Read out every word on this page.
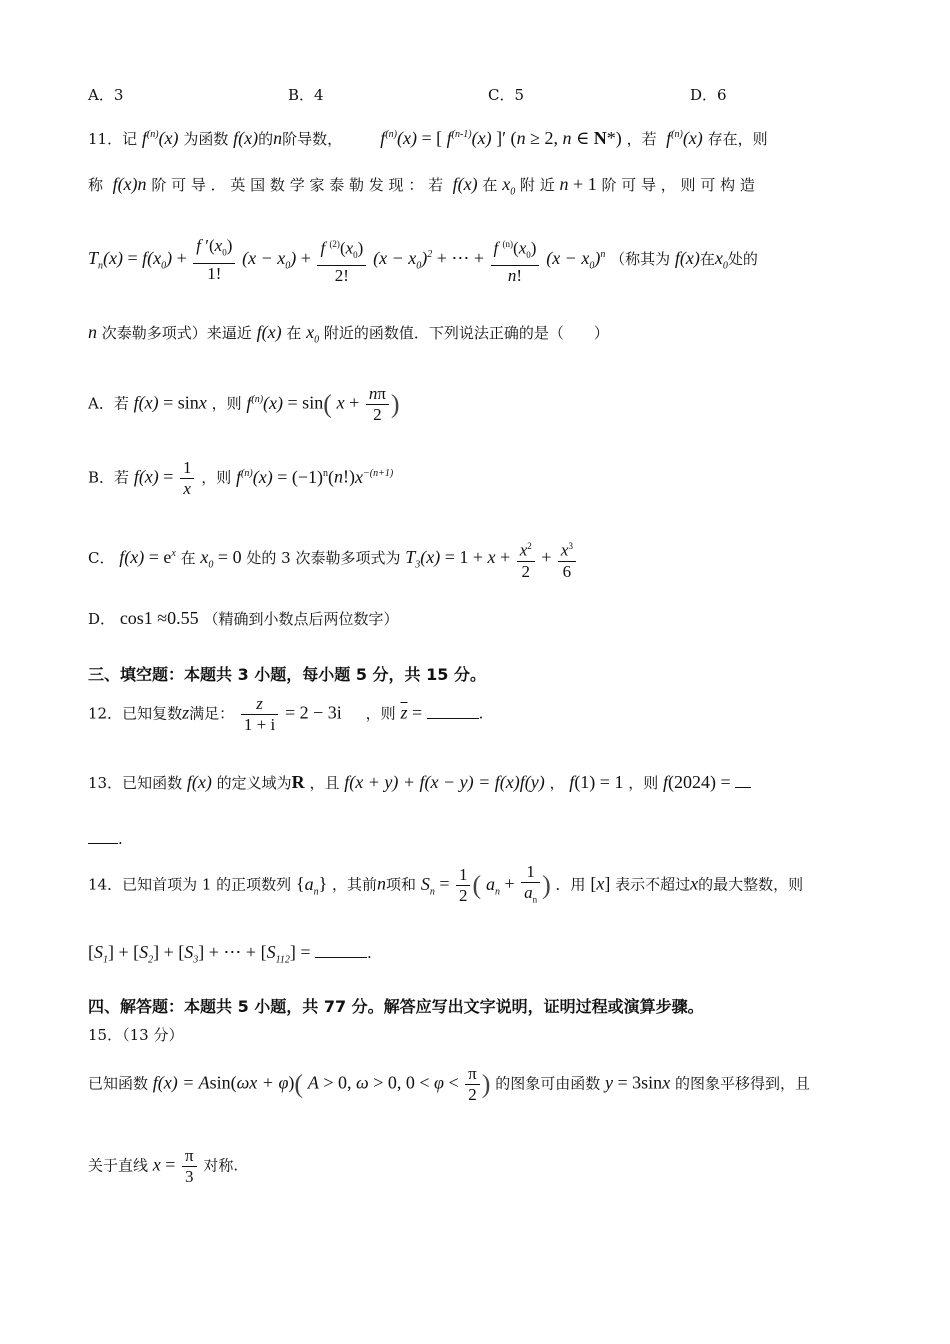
A．3	B．4	C．5	D．6
11．记 $f^{(n)}(x)$ 为函数 f(x)的n阶导数， $f^{(n)}(x)$ = [ $f^{(n-1)}(x)$ ]′ (n ≥ 2, n ∈ N*) ，若 $f^{(n)}(x)$ 存在，则
称 f(x)n 阶 可 导 ． 英 国 数 学 家 泰 勒 发 现 ： 若 f(x) 在 $x_0$ 附 近 n + 1 阶 可 导 ， 则 可 构 造
$T_n(x) = f(x_0) + \frac{f '(x_0)}{1!} (x - x_0) + \frac{f ^{(2)}(x_0)}{2!} (x - x_0)^2$ + ⋯ + $\frac{f ^{(n)}(x_0)}{n!} (x - x_0)^n$ （称其为 f(x)在$x_0$处的
n 次泰勒多项式）来逼近 f(x) 在 $x_0$ 附近的函数值．下列说法正确的是（　　）
A．若 f(x) = sinx ，则 $f^{(n)}(x) = \sin$( $x + \frac{n\pi}{2}$ )
B．若 $f(x) = \frac{1}{x}$ ，则 $f^{(n)}(x) = (-1)^n(n!)x^{-(n+1)}$
C． $f(x) = e^x$ 在 $x_0 = 0$ 处的 3 次泰勒多项式为 $T_3(x) = 1 + x + \frac{x^2}{2} + \frac{x^3}{6}$
D． cos1 ≈0.55 （精确到小数点后两位数字）
三、填空题：本题共 3 小题，每小题 5 分，共 15 分。
12．已知复数z满足： $\frac{z}{1 + i} = 2 - 3i$ ，则 $\overline{z}$ =	.
13．已知函数 f(x) 的定义域为R ，且 f(x + y) + f(x − y) = f(x)f(y) ， f(1) = 1 ，则 f(2024) =
.
14．已知首项为 1 的正项数列 $\{a_n\}$ ，其前n项和 $S_n = \frac{1}{2}$ ( $a_n + \frac{1}{a_n}$ ) ．用 [x] 表示不超过x的最大整数，则
$[S_1] + [S_2] + [S_3]$ + ⋯ + $[S_{112}]$ =	.
四、解答题：本题共 5 小题，共 77 分。解答应写出文字说明，证明过程或演算步骤。
15．（13 分）
已知函数 f(x) = Asin(ωx + φ)( A > 0, ω > 0, $0 < \varphi < \frac{\pi}{2}$ ) 的图象可由函数 y = 3sinx 的图象平移得到，且
关于直线 $x = \frac{\pi}{3}$ 对称.
